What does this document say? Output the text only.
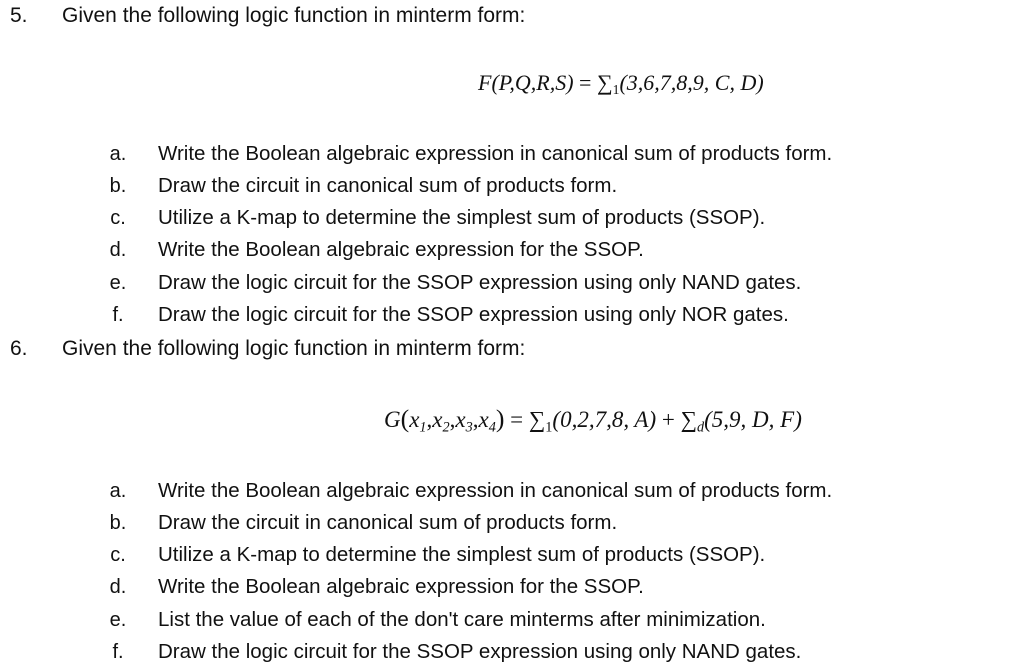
5. Given the following logic function in minterm form:
$F(P,Q,R,S) = \sum_1(3,6,7,8,9$, C, D)
a. Write the Boolean algebraic expression in canonical sum of products form.
b. Draw the circuit in canonical sum of products form.
c. Utilize a K-map to determine the simplest sum of products (SSOP).
d. Write the Boolean algebraic expression for the SSOP.
e. Draw the logic circuit for the SSOP expression using only NAND gates.
f. Draw the logic circuit for the SSOP expression using only NOR gates.
6. Given the following logic function in minterm form:
$G(x_1,x_2,x_3,x_4) = \sum_1(0,2,7,8$, $A) + \sum_d(5,9$, D, F)
a. Write the Boolean algebraic expression in canonical sum of products form.
b. Draw the circuit in canonical sum of products form.
c. Utilize a K-map to determine the simplest sum of products (SSOP).
d. Write the Boolean algebraic expression for the SSOP.
e. List the value of each of the don't care minterms after minimization.
f. Draw the logic circuit for the SSOP expression using only NAND gates.
